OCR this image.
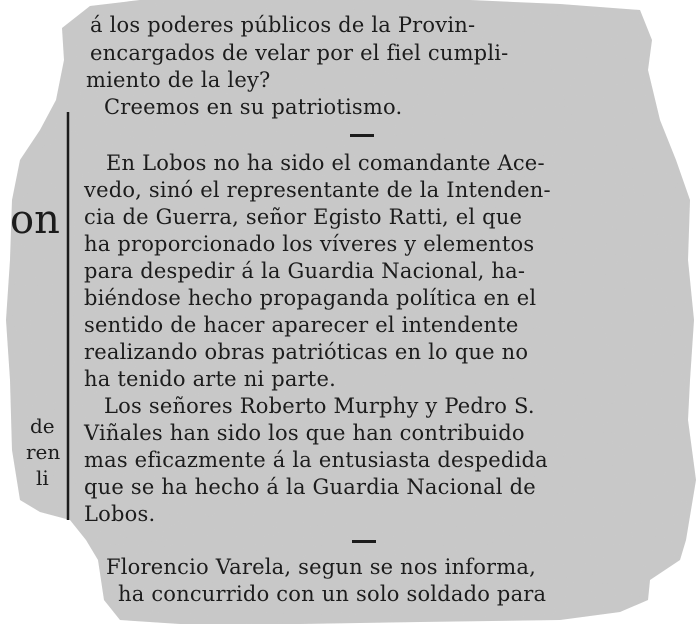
on
de
ren
li
á los poderes públicos de la Provin-
encargados de velar por el fiel cumpli-
miento de la ley?
Creemos en su patriotismo.
En Lobos no ha sido el comandante Ace-
vedo, sinó el representante de la Intenden-
cia de Guerra, señor Egisto Ratti, el que
ha proporcionado los víveres y elementos
para despedir á la Guardia Nacional, ha-
biéndose hecho propaganda política en el
sentido de hacer aparecer el intendente
realizando obras patrióticas en lo que no
ha tenido arte ni parte.
Los señores Roberto Murphy y Pedro S.
Viñales han sido los que han contribuido
mas eficazmente á la entusiasta despedida
que se ha hecho á la Guardia Nacional de
Lobos.
Florencio Varela, segun se nos informa,
ha concurrido con un solo soldado para
